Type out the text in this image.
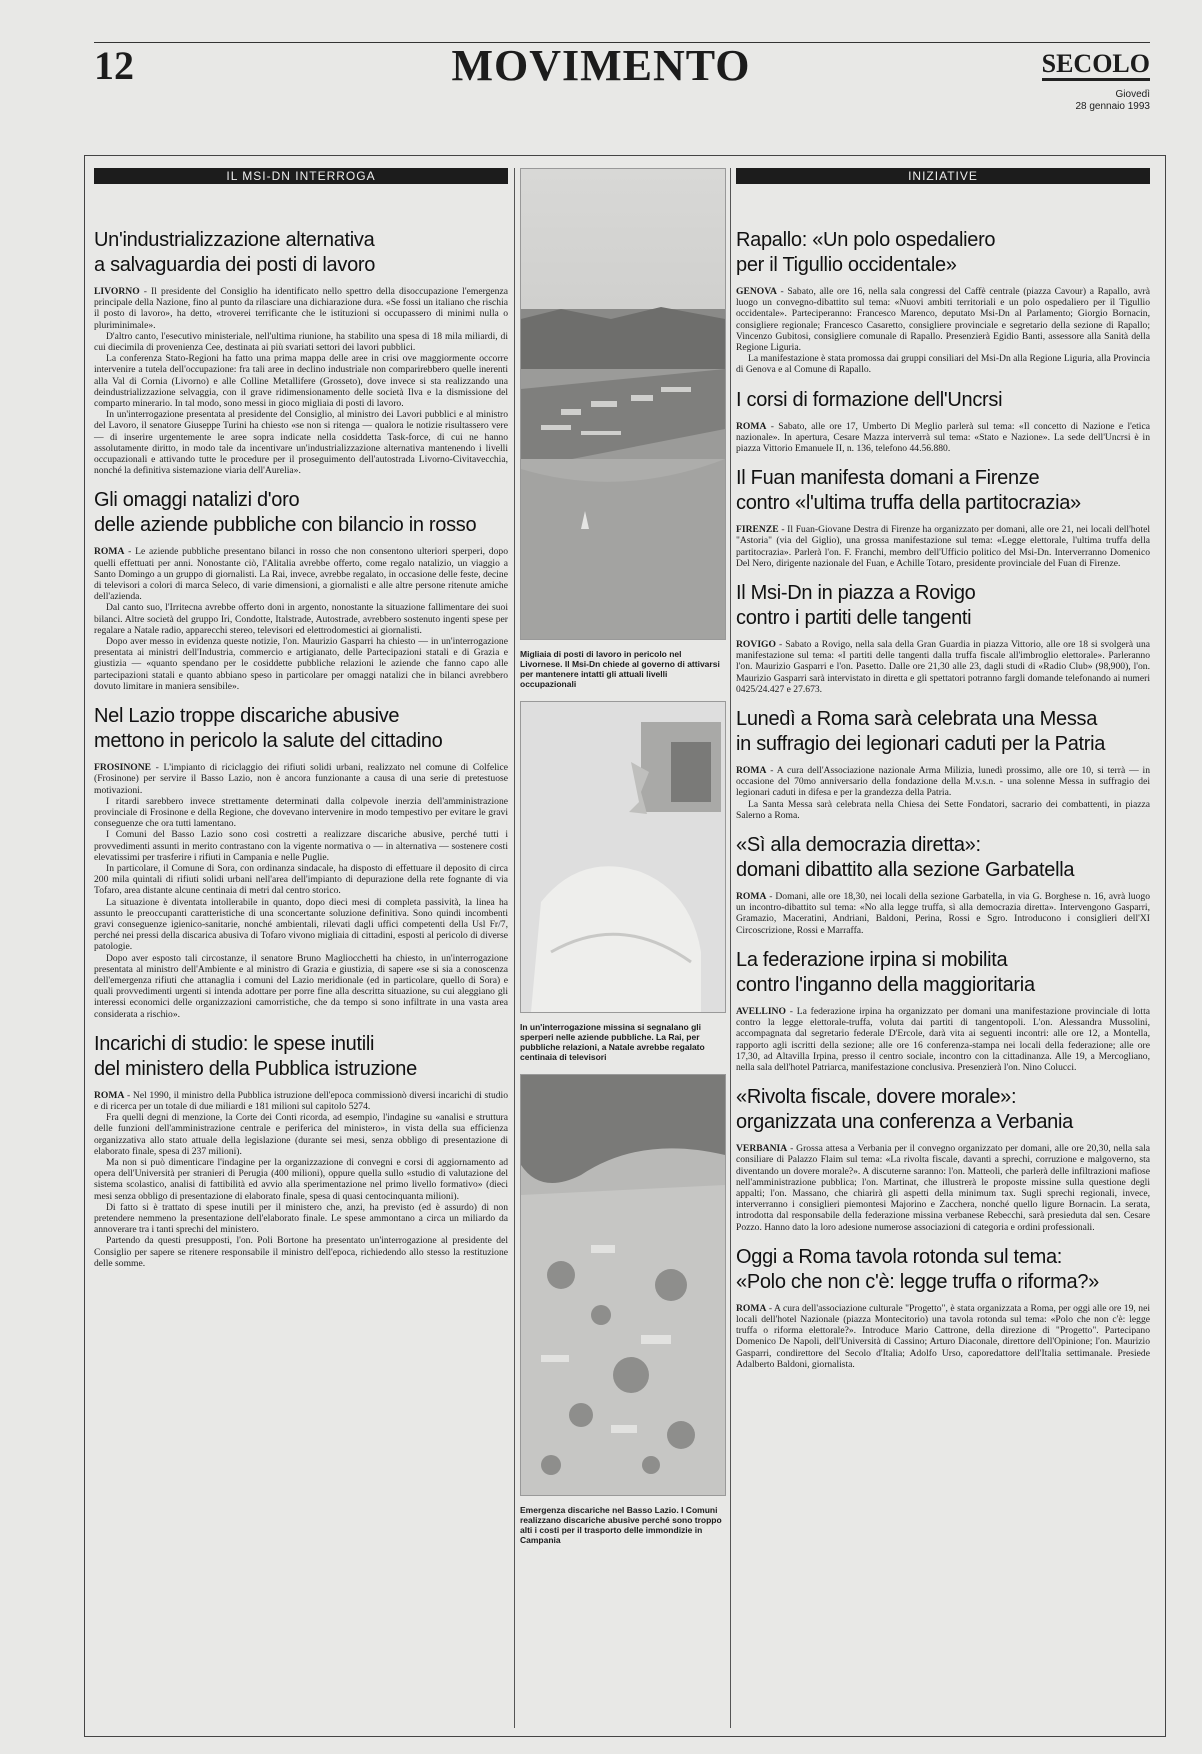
12	MOVIMENTO	SECOLO
Giovedì
28 gennaio 1993
IL MSI-DN INTERROGA
Un'industrializzazione alternativa
a salvaguardia dei posti di lavoro

LIVORNO - Il presidente del Consiglio ha identificato nello spettro della disoccupazione l'emergenza principale della Nazione, fino al punto da rilasciare una dichiarazione dura. «Se fossi un italiano che rischia il posto di lavoro», ha detto, «troverei terrificante che le istituzioni si occupassero di minimi nulla o pluriminimale».

D'altro canto, l'esecutivo ministeriale, nell'ultima riunione, ha stabilito una spesa di 18 mila miliardi, di cui diecimila di provenienza Cee, destinata ai più svariati settori dei lavori pubblici.

La conferenza Stato-Regioni ha fatto una prima mappa delle aree in crisi ove maggiormente occorre intervenire a tutela dell'occupazione: fra tali aree in declino industriale non comparirebbero quelle inerenti alla Val di Cornia (Livorno) e alle Colline Metallifere (Grosseto), dove invece si sta realizzando una deindustrializzazione selvaggia, con il grave ridimensionamento delle società Ilva e la dismissione del comparto minerario. In tal modo, sono messi in gioco migliaia di posti di lavoro.

In un'interrogazione presentata al presidente del Consiglio, al ministro dei Lavori pubblici e al ministro del Lavoro, il senatore Giuseppe Turini ha chiesto «se non si ritenga — qualora le notizie risultassero vere — di inserire urgentemente le aree sopra indicate nella cosiddetta Task-force, di cui ne hanno assolutamente diritto, in modo tale da incentivare un'industrializzazione alternativa mantenendo i livelli occupazionali e attivando tutte le procedure per il proseguimento dell'autostrada Livorno-Civitavecchia, nonché la definitiva sistemazione viaria dell'Aurelia».

Gli omaggi natalizi d'oro
delle aziende pubbliche con bilancio in rosso

ROMA - Le aziende pubbliche presentano bilanci in rosso che non consentono ulteriori sperperi, dopo quelli effettuati per anni. Nonostante ciò, l'Alitalia avrebbe offerto, come regalo natalizio, un viaggio a Santo Domingo a un gruppo di giornalisti. La Rai, invece, avrebbe regalato, in occasione delle feste, decine di televisori a colori di marca Seleco, di varie dimensioni, a giornalisti e alle altre persone ritenute amiche dell'azienda.

Dal canto suo, l'Irritecna avrebbe offerto doni in argento, nonostante la situazione fallimentare dei suoi bilanci. Altre società del gruppo Iri, Condotte, Italstrade, Autostrade, avrebbero sostenuto ingenti spese per regalare a Natale radio, apparecchi stereo, televisori ed elettrodomestici ai giornalisti.

Dopo aver messo in evidenza queste notizie, l'on. Maurizio Gasparri ha chiesto — in un'interrogazione presentata ai ministri dell'Industria, commercio e artigianato, delle Partecipazioni statali e di Grazia e giustizia — «quanto spendano per le cosiddette pubbliche relazioni le aziende che fanno capo alle partecipazioni statali e quanto abbiano speso in particolare per omaggi natalizi che in bilanci avrebbero dovuto limitare in maniera sensibile».

Nel Lazio troppe discariche abusive
mettono in pericolo la salute del cittadino

FROSINONE - L'impianto di riciclaggio dei rifiuti solidi urbani, realizzato nel comune di Colfelice (Frosinone) per servire il Basso Lazio, non è ancora funzionante a causa di una serie di pretestuose motivazioni.

I ritardi sarebbero invece strettamente determinati dalla colpevole inerzia dell'amministrazione provinciale di Frosinone e della Regione, che dovevano intervenire in modo tempestivo per evitare le gravi conseguenze che ora tutti lamentano.

I Comuni del Basso Lazio sono così costretti a realizzare discariche abusive, perché tutti i provvedimenti assunti in merito contrastano con la vigente normativa o — in alternativa — sostenere costi elevatissimi per trasferire i rifiuti in Campania e nelle Puglie.

In particolare, il Comune di Sora, con ordinanza sindacale, ha disposto di effettuare il deposito di circa 200 mila quintali di rifiuti solidi urbani nell'area dell'impianto di depurazione della rete fognante di via Tofaro, area distante alcune centinaia di metri dal centro storico.

La situazione è diventata intollerabile in quanto, dopo dieci mesi di completa passività, la linea ha assunto le preoccupanti caratteristiche di una sconcertante soluzione definitiva. Sono quindi incombenti gravi conseguenze igienico-sanitarie, nonché ambientali, rilevati dagli uffici competenti della Usl Fr/7, perché nei pressi della discarica abusiva di Tofaro vivono migliaia di cittadini, esposti al pericolo di diverse patologie.

Dopo aver esposto tali circostanze, il senatore Bruno Magliocchetti ha chiesto, in un'interrogazione presentata al ministro dell'Ambiente e al ministro di Grazia e giustizia, di sapere «se si sia a conoscenza dell'emergenza rifiuti che attanaglia i comuni del Lazio meridionale (ed in particolare, quello di Sora) e quali provvedimenti urgenti si intenda adottare per porre fine alla descritta situazione, su cui aleggiano gli interessi economici delle organizzazioni camorristiche, che da tempo si sono infiltrate in una vasta area considerata a rischio».

Incarichi di studio: le spese inutili
del ministero della Pubblica istruzione

ROMA - Nel 1990, il ministro della Pubblica istruzione dell'epoca commissionò diversi incarichi di studio e di ricerca per un totale di due miliardi e 181 milioni sul capitolo 5274.

Fra quelli degni di menzione, la Corte dei Conti ricorda, ad esempio, l'indagine su «analisi e struttura delle funzioni dell'amministrazione centrale e periferica del ministero», in vista della sua efficienza organizzativa allo stato attuale della legislazione (durante sei mesi, senza obbligo di presentazione di elaborato finale, spesa di 237 milioni).

Ma non si può dimenticare l'indagine per la organizzazione di convegni e corsi di aggiornamento ad opera dell'Università per stranieri di Perugia (400 milioni), oppure quella sullo «studio di valutazione del sistema scolastico, analisi di fattibilità ed avvio alla sperimentazione nel primo livello formativo» (dieci mesi senza obbligo di presentazione di elaborato finale, spesa di quasi centocinquanta milioni).

Di fatto si è trattato di spese inutili per il ministero che, anzi, ha previsto (ed è assurdo) di non pretendere nemmeno la presentazione dell'elaborato finale. Le spese ammontano a circa un miliardo da annoverare tra i tanti sprechi del ministero.

Partendo da questi presupposti, l'on. Poli Bortone ha presentato un'interrogazione al presidente del Consiglio per sapere se ritenere responsabile il ministro dell'epoca, richiedendo allo stesso la restituzione delle somme.

Migliaia di posti di lavoro in pericolo nel Livornese. Il Msi-Dn chiede al governo di attivarsi per mantenere intatti gli attuali livelli occupazionali
In un'interrogazione missina si segnalano gli sperperi nelle aziende pubbliche. La Rai, per pubbliche relazioni, a Natale avrebbe regalato centinaia di televisori
Emergenza discariche nel Basso Lazio. I Comuni realizzano discariche abusive perché sono troppo alti i costi per il trasporto delle immondizie in Campania
INIZIATIVE
Rapallo: «Un polo ospedaliero
per il Tigullio occidentale»

GENOVA - Sabato, alle ore 16, nella sala congressi del Caffè centrale (piazza Cavour) a Rapallo, avrà luogo un convegno-dibattito sul tema: «Nuovi ambiti territoriali e un polo ospedaliero per il Tigullio occidentale». Parteciperanno: Francesco Marenco, deputato Msi-Dn al Parlamento; Giorgio Bornacin, consigliere regionale; Francesco Casaretto, consigliere provinciale e segretario della sezione di Rapallo; Vincenzo Gubitosi, consigliere comunale di Rapallo. Presenzierà Egidio Banti, assessore alla Sanità della Regione Liguria.

La manifestazione è stata promossa dai gruppi consiliari del Msi-Dn alla Regione Liguria, alla Provincia di Genova e al Comune di Rapallo.

I corsi di formazione dell'Uncrsi

ROMA - Sabato, alle ore 17, Umberto Di Meglio parlerà sul tema: «Il concetto di Nazione e l'etica nazionale». In apertura, Cesare Mazza interverrà sul tema: «Stato e Nazione». La sede dell'Uncrsi è in piazza Vittorio Emanuele II, n. 136, telefono 44.56.880.

Il Fuan manifesta domani a Firenze
contro «l'ultima truffa della partitocrazia»

FIRENZE - Il Fuan-Giovane Destra di Firenze ha organizzato per domani, alle ore 21, nei locali dell'hotel "Astoria" (via del Giglio), una grossa manifestazione sul tema: «Legge elettorale, l'ultima truffa della partitocrazia». Parlerà l'on. F. Franchi, membro dell'Ufficio politico del Msi-Dn. Interverranno Domenico Del Nero, dirigente nazionale del Fuan, e Achille Totaro, presidente provinciale del Fuan di Firenze.

Il Msi-Dn in piazza a Rovigo
contro i partiti delle tangenti

ROVIGO - Sabato a Rovigo, nella sala della Gran Guardia in piazza Vittorio, alle ore 18 si svolgerà una manifestazione sul tema: «I partiti delle tangenti dalla truffa fiscale all'imbroglio elettorale». Parleranno l'on. Maurizio Gasparri e l'on. Pasetto. Dalle ore 21,30 alle 23, dagli studi di «Radio Club» (98,900), l'on. Maurizio Gasparri sarà intervistato in diretta e gli spettatori potranno fargli domande telefonando ai numeri 0425/24.427 e 27.673.

Lunedì a Roma sarà celebrata una Messa
in suffragio dei legionari caduti per la Patria

ROMA - A cura dell'Associazione nazionale Arma Milizia, lunedì prossimo, alle ore 10, si terrà — in occasione del 70mo anniversario della fondazione della M.v.s.n. - una solenne Messa in suffragio dei legionari caduti in difesa e per la grandezza della Patria.

La Santa Messa sarà celebrata nella Chiesa dei Sette Fondatori, sacrario dei combattenti, in piazza Salerno a Roma.

«Sì alla democrazia diretta»:
domani dibattito alla sezione Garbatella

ROMA - Domani, alle ore 18,30, nei locali della sezione Garbatella, in via G. Borghese n. 16, avrà luogo un incontro-dibattito sul tema: «No alla legge truffa, sì alla democrazia diretta». Intervengono Gasparri, Gramazio, Maceratini, Andriani, Baldoni, Perina, Rossi e Sgro. Introducono i consiglieri dell'XI Circoscrizione, Rossi e Marraffa.

La federazione irpina si mobilita
contro l'inganno della maggioritaria

AVELLINO - La federazione irpina ha organizzato per domani una manifestazione provinciale di lotta contro la legge elettorale-truffa, voluta dai partiti di tangentopoli. L'on. Alessandra Mussolini, accompagnata dal segretario federale D'Ercole, darà vita ai seguenti incontri: alle ore 12, a Montella, rapporto agli iscritti della sezione; alle ore 16 conferenza-stampa nei locali della federazione; alle ore 17,30, ad Altavilla Irpina, presso il centro sociale, incontro con la cittadinanza. Alle 19, a Mercogliano, nella sala dell'hotel Patriarca, manifestazione conclusiva. Presenzierà l'on. Nino Colucci.

«Rivolta fiscale, dovere morale»:
organizzata una conferenza a Verbania

VERBANIA - Grossa attesa a Verbania per il convegno organizzato per domani, alle ore 20,30, nella sala consiliare di Palazzo Flaim sul tema: «La rivolta fiscale, davanti a sprechi, corruzione e malgoverno, sta diventando un dovere morale?». A discuterne saranno: l'on. Matteoli, che parlerà delle infiltrazioni mafiose nell'amministrazione pubblica; l'on. Martinat, che illustrerà le proposte missine sulla questione degli appalti; l'on. Massano, che chiarirà gli aspetti della minimum tax. Sugli sprechi regionali, invece, interverranno i consiglieri piemontesi Majorino e Zacchera, nonché quello ligure Bornacin. La serata, introdotta dal responsabile della federazione missina verbanese Rebecchi, sarà presieduta dal sen. Cesare Pozzo. Hanno dato la loro adesione numerose associazioni di categoria e ordini professionali.

Oggi a Roma tavola rotonda sul tema:
«Polo che non c'è: legge truffa o riforma?»

ROMA - A cura dell'associazione culturale "Progetto", è stata organizzata a Roma, per oggi alle ore 19, nei locali dell'hotel Nazionale (piazza Montecitorio) una tavola rotonda sul tema: «Polo che non c'è: legge truffa o riforma elettorale?». Introduce Mario Cattrone, della direzione di "Progetto". Partecipano Domenico De Napoli, dell'Università di Cassino; Arturo Diaconale, direttore dell'Opinione; l'on. Maurizio Gasparri, condirettore del Secolo d'Italia; Adolfo Urso, caporedattore dell'Italia settimanale. Presiede Adalberto Baldoni, giornalista.
